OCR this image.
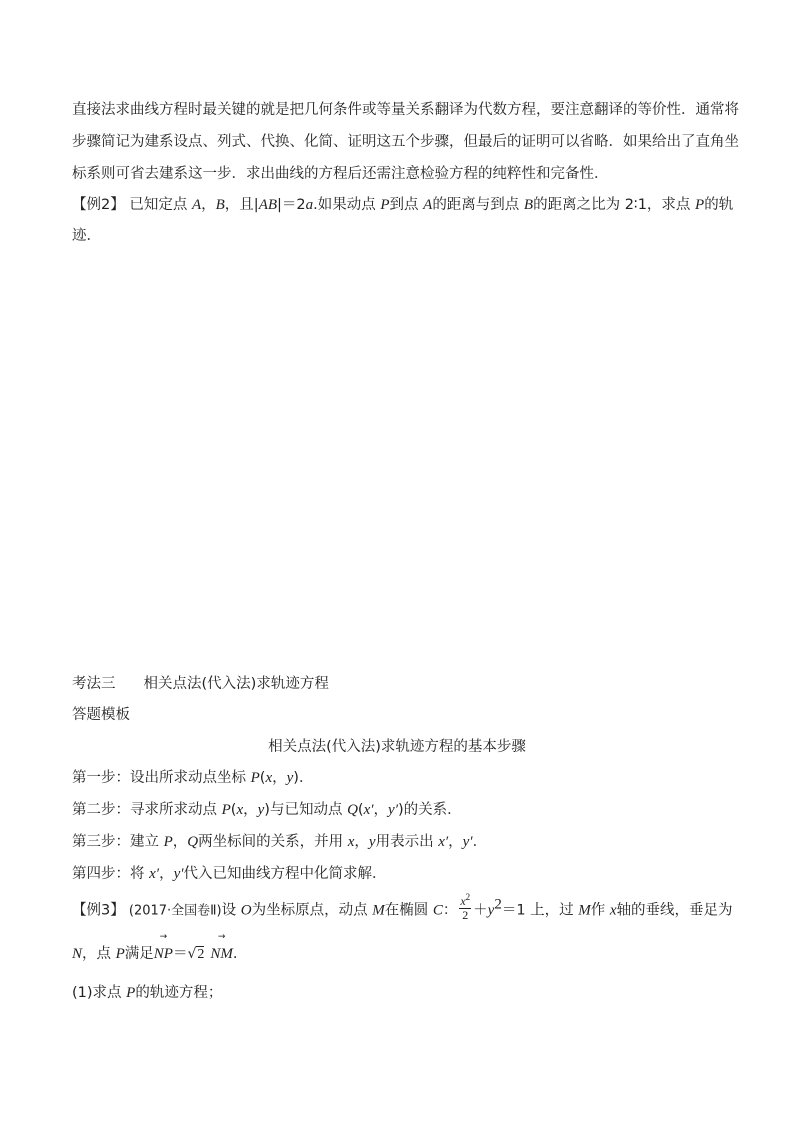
直接法求曲线方程时最关键的就是把几何条件或等量关系翻译为代数方程，要注意翻译的等价性．通常将
步骤简记为建系设点、列式、代换、化简、证明这五个步骤，但最后的证明可以省略．如果给出了直角坐
标系则可省去建系这一步．求出曲线的方程后还需注意检验方程的纯粹性和完备性．
【例2】 已知定点 A，B，且|AB|＝2a.如果动点 P到点 A的距离与到点 B的距离之比为 2∶1，求点 P的轨
迹．
考法三 相关点法(代入法)求轨迹方程
答题模板
相关点法(代入法)求轨迹方程的基本步骤
第一步：设出所求动点坐标 P(x，y)．
第二步：寻求所求动点 P(x，y)与已知动点 Q(x′，y′)的关系．
第三步：建立 P，Q两坐标间的关系，并用 x，y用表示出 x′，y′．
第四步：将 x′，y′代入已知曲线方程中化简求解．
【例3】 (2017·全国卷Ⅱ)设 O为坐标原点，动点 M在椭圆 C： $\frac{x^2}{2} +y^2=1$ 上，过 M作 x轴的垂线，垂足为
N，点 P满足
→
NP＝√2
→
NM.
(1)求点 P的轨迹方程；
